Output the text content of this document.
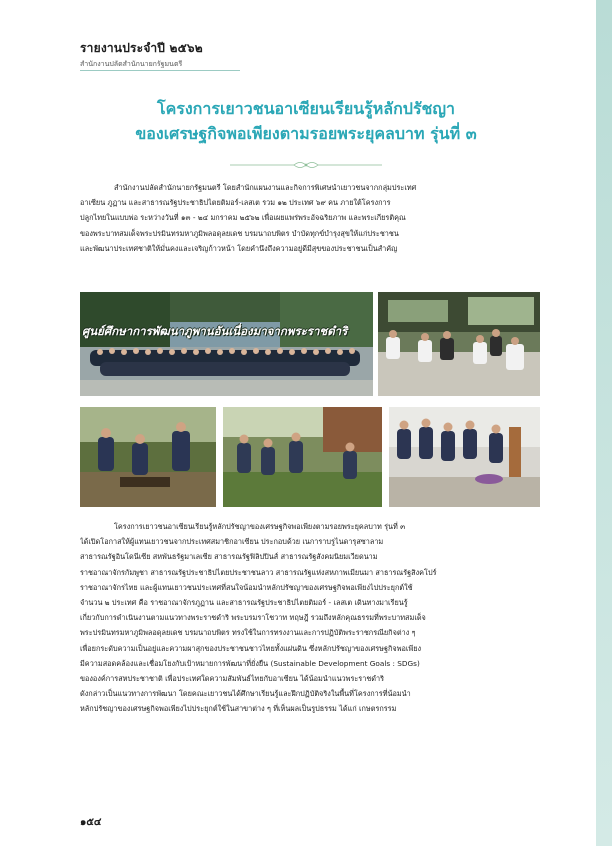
รายงานประจำปี ๒๕๖๒
สำนักงานปลัดสำนักนายกรัฐมนตรี
โครงการเยาวชนอาเซียนเรียนรู้หลักปรัชญา
ของเศรษฐกิจพอเพียงตามรอยพระยุคลบาท รุ่นที่ ๓
สำนักงานปลัดสำนักนายกรัฐมนตรี โดยสำนักแผนงานและกิจการพิเศษนำเยาวชนจากกลุ่มประเทศ
อาเซียน ภูฏาน และสาธารณรัฐประชาธิปไตยติมอร์-เลสเต รวม ๑๒ ประเทศ ๖๙ คน ภายใต้โครงการ
ปลูกไทยในแบบพ่อ ระหว่างวันที่ ๑๓ - ๒๔ มกราคม ๒๕๖๒ เพื่อเผยแพร่พระอัจฉริยภาพ และพระเกียรติคุณ
ของพระบาทสมเด็จพระปรมินทรมหาภูมิพลอดุลยเดช บรมนาถบพิตร บำบัดทุกข์บำรุงสุขให้แก่ประชาชน
และพัฒนาประเทศชาติให้มั่นคงและเจริญก้าวหน้า โดยคำนึงถึงความอยู่ดีมีสุขของประชาชนเป็นสำคัญ
ศูนย์ศึกษาการพัฒนาภูพานอันเนื่องมาจากพระราชดำริ
โครงการเยาวชนอาเซียนเรียนรู้หลักปรัชญาของเศรษฐกิจพอเพียงตามรอยพระยุคลบาท รุ่นที่ ๓
ได้เปิดโอกาสให้ผู้แทนเยาวชนจากประเทศสมาชิกอาเซียน ประกอบด้วย เนการาบรูไนดารุสซาลาม
สาธารณรัฐอินโดนีเซีย สหพันธรัฐมาเลเซีย สาธารณรัฐฟิลิปปินส์ สาธารณรัฐสังคมนิยมเวียดนาม
ราชอาณาจักรกัมพูชา สาธารณรัฐประชาธิปไตยประชาชนลาว สาธารณรัฐแห่งสหภาพเมียนมา สาธารณรัฐสิงคโปร์
ราชอาณาจักรไทย และผู้แทนเยาวชนประเทศที่สนใจน้อมนำหลักปรัชญาของเศรษฐกิจพอเพียงไปประยุกต์ใช้
จำนวน ๒ ประเทศ คือ ราชอาณาจักรภูฏาน และสาธารณรัฐประชาธิปไตยติมอร์ - เลสเต เดินทางมาเรียนรู้
เกี่ยวกับการดำเนินงานตามแนวทางพระราชดำริ พระบรมราโชวาท ทฤษฎี รวมถึงหลักคุณธรรมที่พระบาทสมเด็จ
พระปรมินทรมหาภูมิพลอดุลยเดช บรมนาถบพิตร ทรงใช้ในการทรงงานและการปฏิบัติพระราชกรณียกิจต่าง ๆ
เพื่อยกระดับความเป็นอยู่และความผาสุกของประชาชนชาวไทยทั้งแผ่นดิน ซึ่งหลักปรัชญาของเศรษฐกิจพอเพียง
มีความสอดคล้องและเชื่อมโยงกับเป้าหมายการพัฒนาที่ยั่งยืน (Sustainable Development Goals : SDGs)
ขององค์การสหประชาชาติ เพื่อประเทศใดความสัมพันธ์ไทยกับอาเซียน ได้น้อมนำแนวพระราชดำริ
ดังกล่าวเป็นแนวทางการพัฒนา โดยคณะเยาวชนได้ศึกษาเรียนรู้และฝึกปฏิบัติจริงในพื้นที่โครงการที่น้อมนำ
หลักปรัชญาของเศรษฐกิจพอเพียงไปประยุกต์ใช้ในสาขาต่าง ๆ ที่เห็นผลเป็นรูปธรรม ได้แก่ เกษตรกรรม
๑๕๔
